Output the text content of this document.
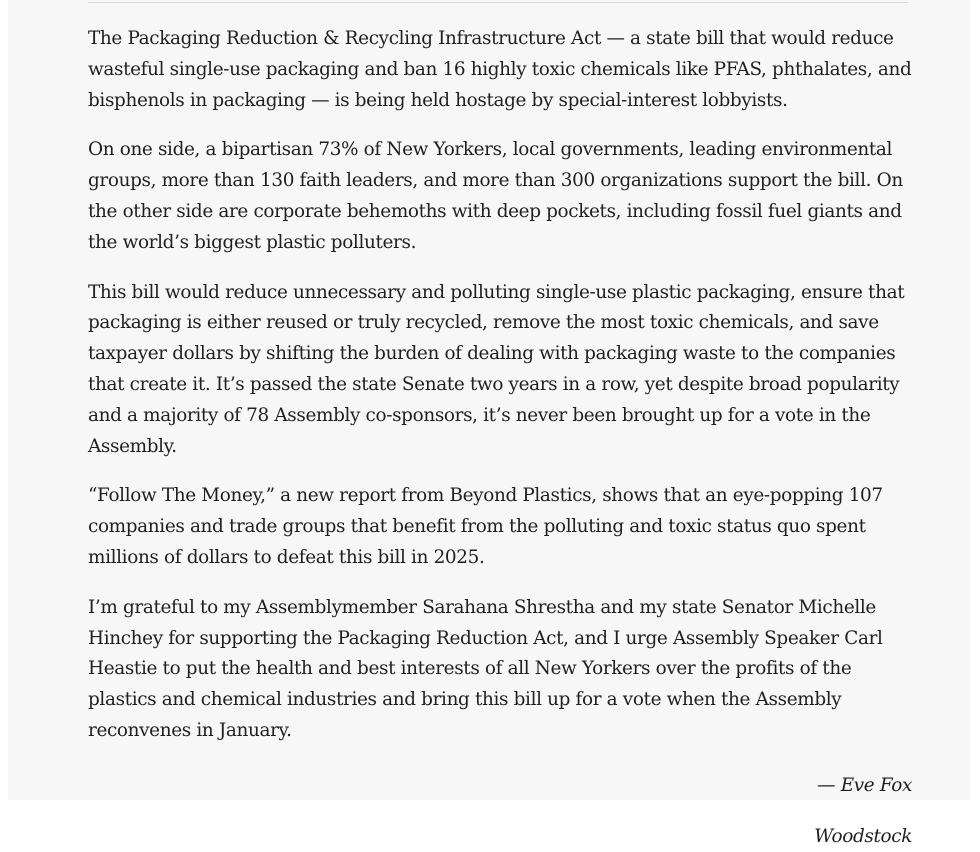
The Packaging Reduction & Recycling Infrastructure Act — a state bill that would reduce wasteful single-use packaging and ban 16 highly toxic chemicals like PFAS, phthalates, and bisphenols in packaging — is being held hostage by special-interest lobbyists.

On one side, a bipartisan 73% of New Yorkers, local governments, leading environmental groups, more than 130 faith leaders, and more than 300 organizations support the bill. On the other side are corporate behemoths with deep pockets, including fossil fuel giants and the world’s biggest plastic polluters.

This bill would reduce unnecessary and polluting single-use plastic packaging, ensure that packaging is either reused or truly recycled, remove the most toxic chemicals, and save taxpayer dollars by shifting the burden of dealing with packaging waste to the companies that create it. It’s passed the state Senate two years in a row, yet despite broad popularity and a majority of 78 Assembly co-sponsors, it’s never been brought up for a vote in the Assembly.

“Follow The Money,” a new report from Beyond Plastics, shows that an eye-popping 107 companies and trade groups that benefit from the polluting and toxic status quo spent millions of dollars to defeat this bill in 2025.

I’m grateful to my Assemblymember Sarahana Shrestha and my state Senator Michelle Hinchey for supporting the Packaging Reduction Act, and I urge Assembly Speaker Carl Heastie to put the health and best interests of all New Yorkers over the profits of the plastics and chemical industries and bring this bill up for a vote when the Assembly reconvenes in January.

— Eve Fox

Woodstock
